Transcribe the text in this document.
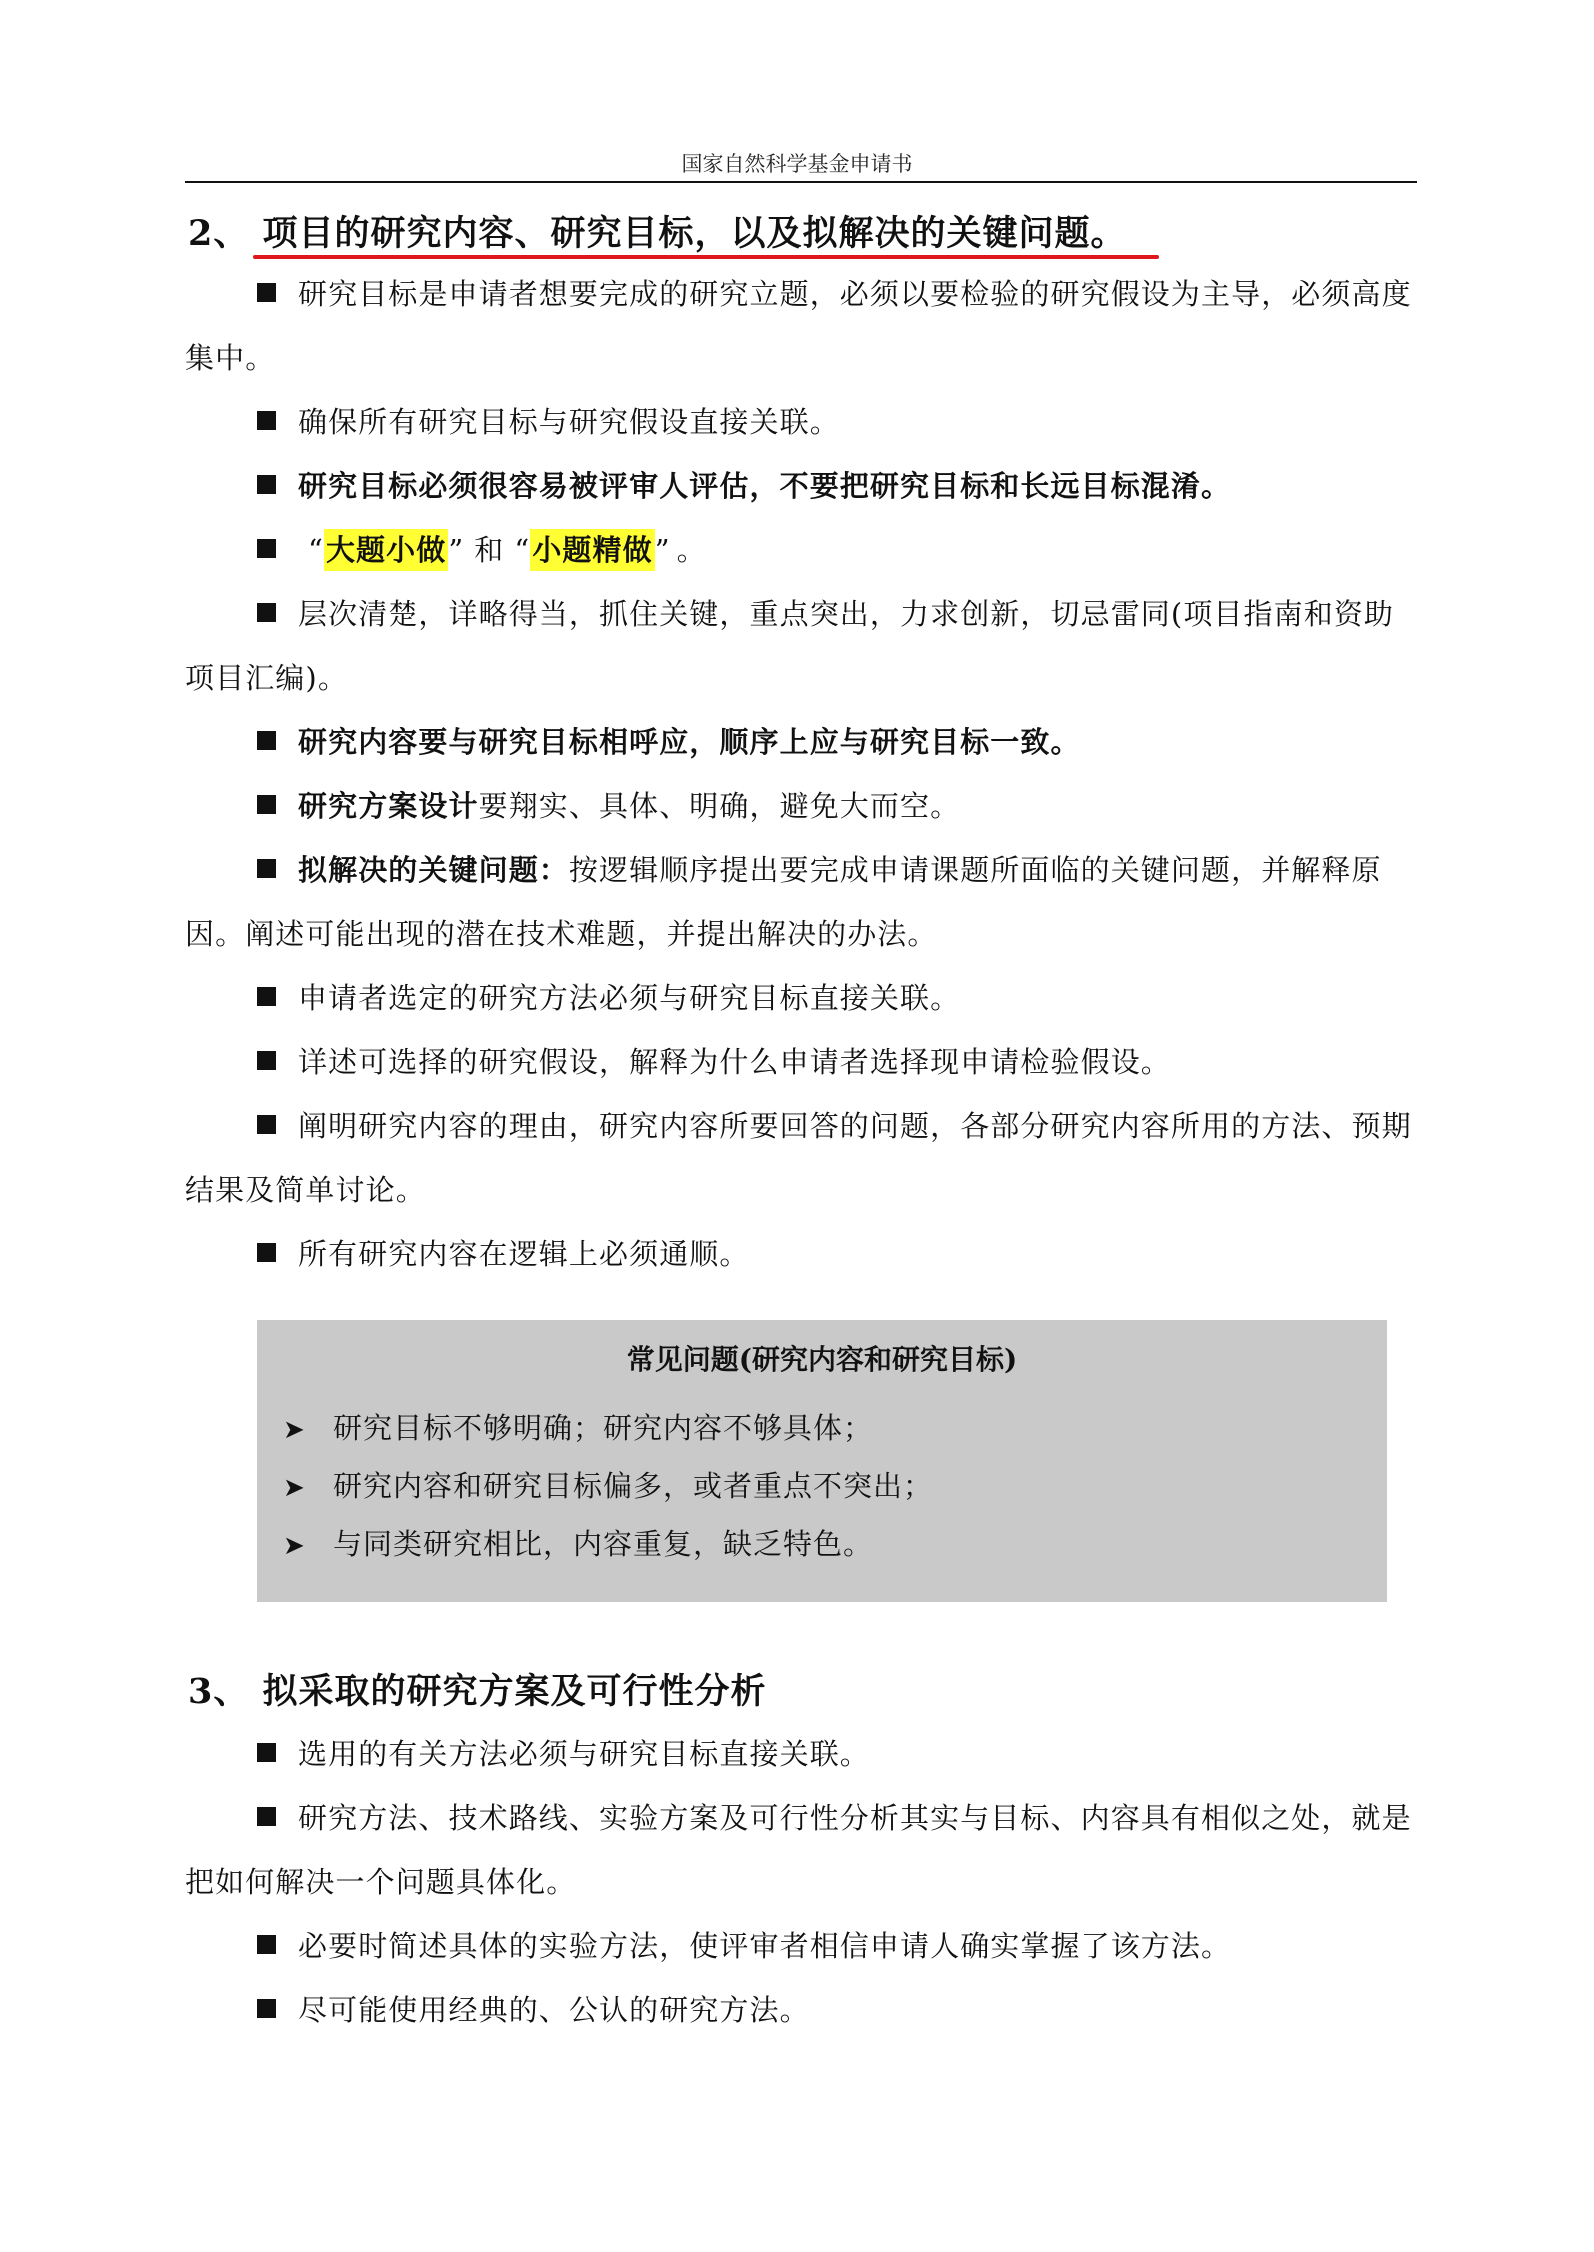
国家自然科学基金申请书
2、 项目的研究内容、研究目标，以及拟解决的关键问题。
研究目标是申请者想要完成的研究立题，必须以要检验的研究假设为主导，必须高度集中。
确保所有研究目标与研究假设直接关联。
研究目标必须很容易被评审人评估，不要把研究目标和长远目标混淆。
“大题小做” 和 “小题精做” 。
层次清楚，详略得当，抓住关键，重点突出，力求创新，切忌雷同(项目指南和资助项目汇编)。
研究内容要与研究目标相呼应，顺序上应与研究目标一致。
研究方案设计要翔实、具体、明确，避免大而空。
拟解决的关键问题：按逻辑顺序提出要完成申请课题所面临的关键问题，并解释原因。阐述可能出现的潜在技术难题，并提出解决的办法。
申请者选定的研究方法必须与研究目标直接关联。
详述可选择的研究假设，解释为什么申请者选择现申请检验假设。
阐明研究内容的理由，研究内容所要回答的问题，各部分研究内容所用的方法、预期结果及简单讨论。
所有研究内容在逻辑上必须通顺。
常见问题(研究内容和研究目标)
➤ 研究目标不够明确；研究内容不够具体；
➤ 研究内容和研究目标偏多，或者重点不突出；
➤ 与同类研究相比，内容重复，缺乏特色。
3、 拟采取的研究方案及可行性分析
选用的有关方法必须与研究目标直接关联。
研究方法、技术路线、实验方案及可行性分析其实与目标、内容具有相似之处，就是把如何解决一个问题具体化。
必要时简述具体的实验方法，使评审者相信申请人确实掌握了该方法。
尽可能使用经典的、公认的研究方法。
